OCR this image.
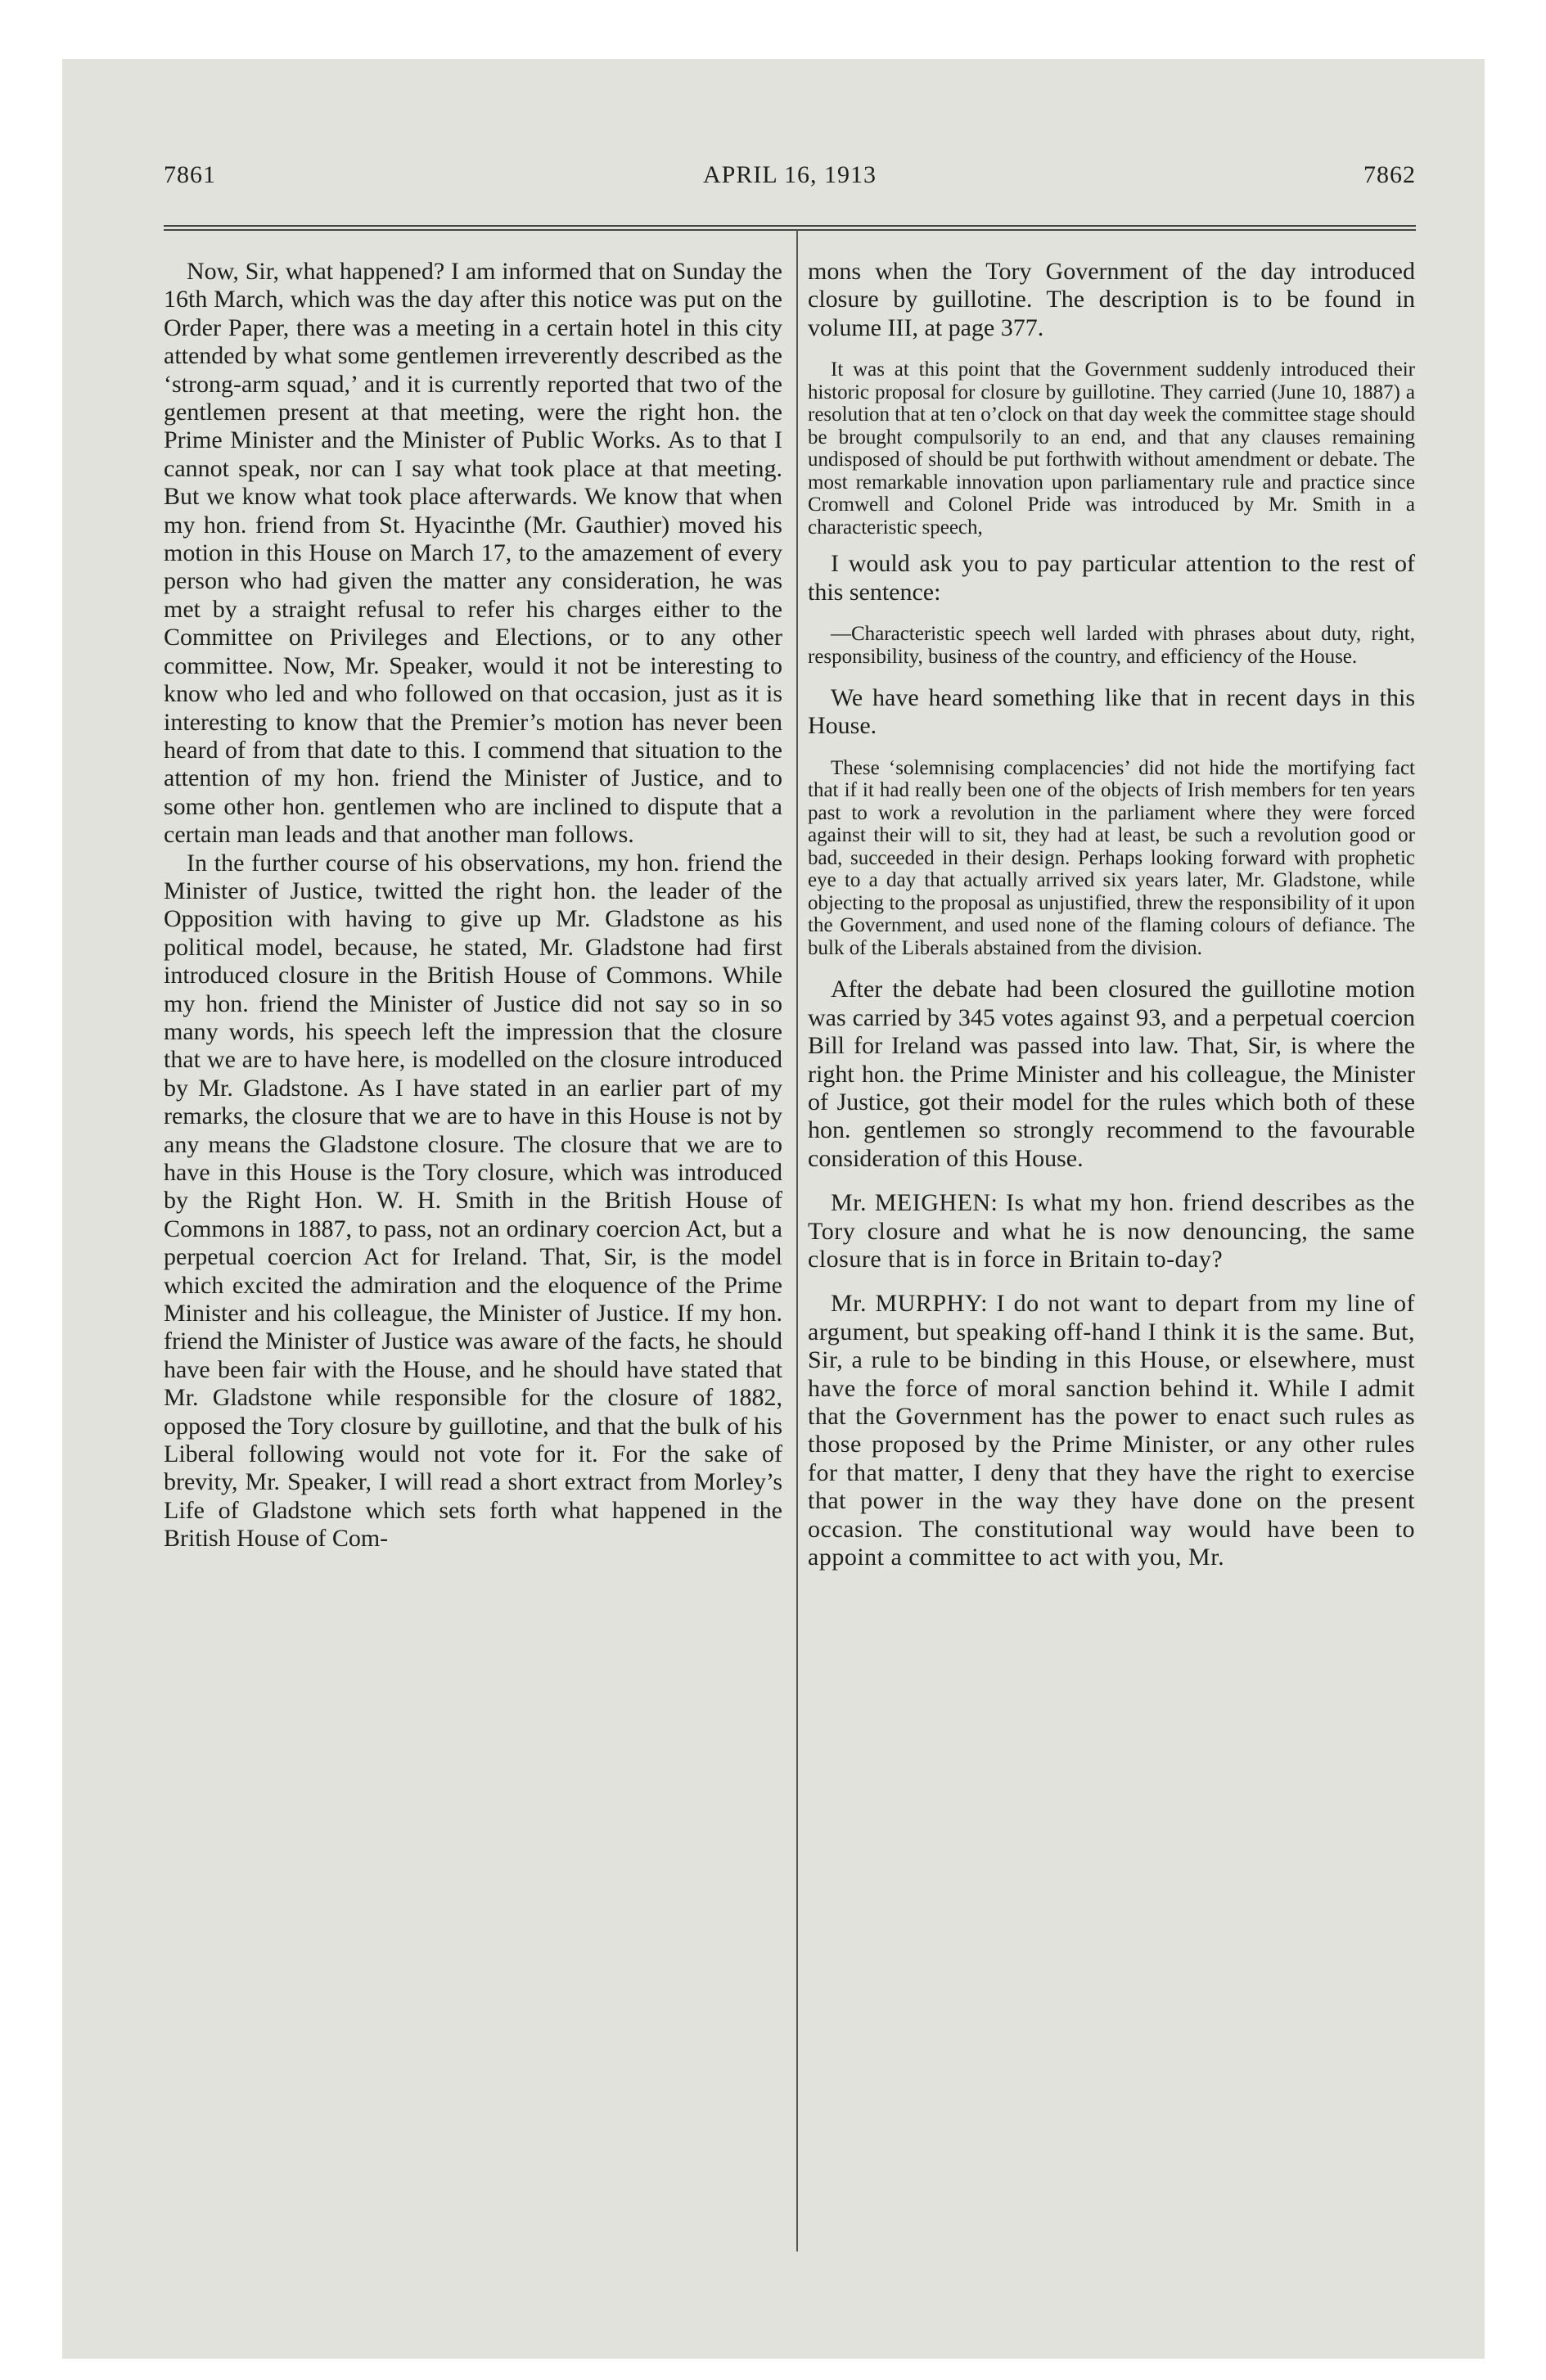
7861	APRIL 16, 1913	7862

Now, Sir, what happened? I am informed that on Sunday the 16th March, which was the day after this notice was put on the Order Paper, there was a meeting in a certain hotel in this city attended by what some gentlemen irreverently described as the ‘strong-arm squad,’ and it is currently reported that two of the gentlemen present at that meeting, were the right hon. the Prime Minister and the Minister of Public Works. As to that I cannot speak, nor can I say what took place at that meeting. But we know what took place afterwards. We know that when my hon. friend from St. Hyacinthe (Mr. Gauthier) moved his motion in this House on March 17, to the amazement of every person who had given the matter any consideration, he was met by a straight refusal to refer his charges either to the Committee on Privileges and Elections, or to any other committee. Now, Mr. Speaker, would it not be interesting to know who led and who followed on that occasion, just as it is interesting to know that the Premier’s motion has never been heard of from that date to this. I commend that situation to the attention of my hon. friend the Minister of Justice, and to some other hon. gentlemen who are inclined to dispute that a certain man leads and that another man follows.

In the further course of his observations, my hon. friend the Minister of Justice, twitted the right hon. the leader of the Opposition with having to give up Mr. Gladstone as his political model, because, he stated, Mr. Gladstone had first introduced closure in the British House of Commons. While my hon. friend the Minister of Justice did not say so in so many words, his speech left the impression that the closure that we are to have here, is modelled on the closure introduced by Mr. Gladstone. As I have stated in an earlier part of my remarks, the closure that we are to have in this House is not by any means the Gladstone closure. The closure that we are to have in this House is the Tory closure, which was introduced by the Right Hon. W. H. Smith in the British House of Commons in 1887, to pass, not an ordinary coercion Act, but a perpetual coercion Act for Ireland. That, Sir, is the model which excited the admiration and the eloquence of the Prime Minister and his colleague, the Minister of Justice. If my hon. friend the Minister of Justice was aware of the facts, he should have been fair with the House, and he should have stated that Mr. Gladstone while responsible for the closure of 1882, opposed the Tory closure by guillotine, and that the bulk of his Liberal following would not vote for it. For the sake of brevity, Mr. Speaker, I will read a short extract from Morley’s Life of Gladstone which sets forth what happened in the British House of Com-

mons when the Tory Government of the day introduced closure by guillotine. The description is to be found in volume III, at page 377.

It was at this point that the Government suddenly introduced their historic proposal for closure by guillotine. They carried (June 10, 1887) a resolution that at ten o’clock on that day week the committee stage should be brought compulsorily to an end, and that any clauses remaining undisposed of should be put forthwith without amendment or debate. The most remarkable innovation upon parliamentary rule and practice since Cromwell and Colonel Pride was introduced by Mr. Smith in a characteristic speech,

I would ask you to pay particular attention to the rest of this sentence:

—Characteristic speech well larded with phrases about duty, right, responsibility, business of the country, and efficiency of the House.

We have heard something like that in recent days in this House.

These ‘solemnising complacencies’ did not hide the mortifying fact that if it had really been one of the objects of Irish members for ten years past to work a revolution in the parliament where they were forced against their will to sit, they had at least, be such a revolution good or bad, succeeded in their design. Perhaps looking forward with prophetic eye to a day that actually arrived six years later, Mr. Gladstone, while objecting to the proposal as unjustified, threw the responsibility of it upon the Government, and used none of the flaming colours of defiance. The bulk of the Liberals abstained from the division.

After the debate had been closured the guillotine motion was carried by 345 votes against 93, and a perpetual coercion Bill for Ireland was passed into law. That, Sir, is where the right hon. the Prime Minister and his colleague, the Minister of Justice, got their model for the rules which both of these hon. gentlemen so strongly recommend to the favourable consideration of this House.

Mr. MEIGHEN: Is what my hon. friend describes as the Tory closure and what he is now denouncing, the same closure that is in force in Britain to-day?

Mr. MURPHY: I do not want to depart from my line of argument, but speaking off-hand I think it is the same. But, Sir, a rule to be binding in this House, or elsewhere, must have the force of moral sanction behind it. While I admit that the Government has the power to enact such rules as those proposed by the Prime Minister, or any other rules for that matter, I deny that they have the right to exercise that power in the way they have done on the present occasion. The constitutional way would have been to appoint a committee to act with you, Mr.
